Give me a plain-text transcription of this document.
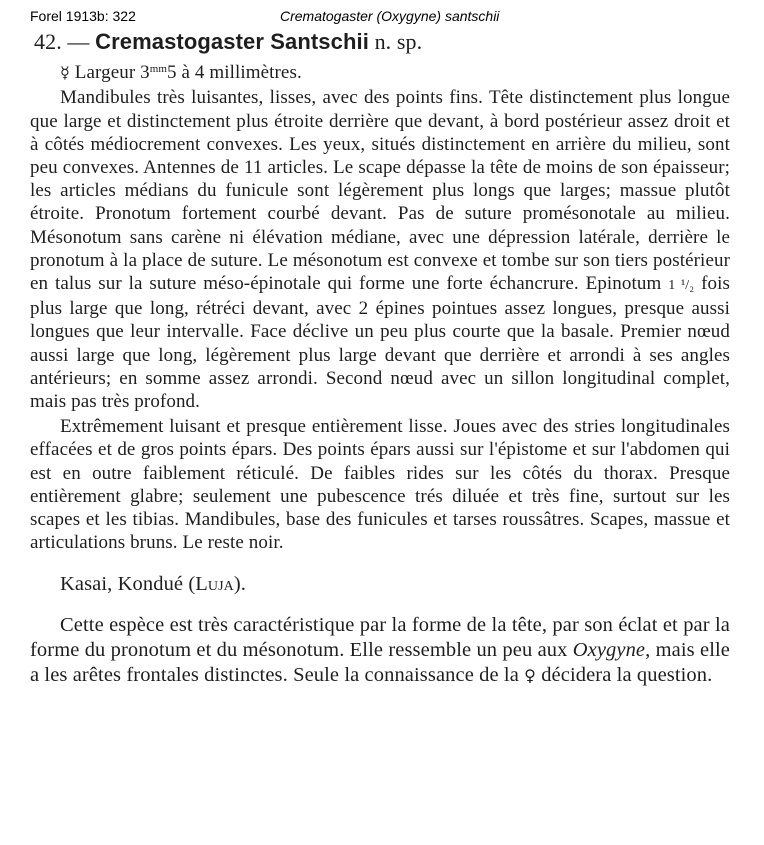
Forel 1913b: 322	Crematogaster (Oxygyne) santschii
42. — Cremastogaster Santschii n. sp.

☿ Largeur $3^{mm}5$ à 4 millimètres.

Mandibules très luisantes, lisses, avec des points fins. Tête distinctement plus longue que large et distinctement plus étroite derrière que devant, à bord postérieur assez droit et à côtés médiocrement convexes. Les yeux, situés distinctement en arrière du milieu, sont peu convexes. Antennes de 11 articles. Le scape dépasse la tête de moins de son épaisseur; les articles médians du funicule sont légèrement plus longs que larges; massue plutôt étroite. Pronotum fortement courbé devant. Pas de suture promésonotale au milieu. Mésonotum sans carène ni élévation médiane, avec une dépression latérale, derrière le pronotum à la place de suture. Le mésonotum est convexe et tombe sur son tiers postérieur en talus sur la suture méso-épinotale qui forme une forte échancrure. Epinotum 1 ¹/₂ fois plus large que long, rétréci devant, avec 2 épines pointues assez longues, presque aussi longues que leur intervalle. Face déclive un peu plus courte que la basale. Premier nœud aussi large que long, légèrement plus large devant que derrière et arrondi à ses angles antérieurs; en somme assez arrondi. Second nœud avec un sillon longitudinal complet, mais pas très profond.

Extrêmement luisant et presque entièrement lisse. Joues avec des stries longitudinales effacées et de gros points épars. Des points épars aussi sur l'épistome et sur l'abdomen qui est en outre faiblement réticulé. De faibles rides sur les côtés du thorax. Presque entièrement glabre; seulement une pubescence trés diluée et très fine, surtout sur les scapes et les tibias. Mandibules, base des funicules et tarses roussâtres. Scapes, massue et articulations bruns. Le reste noir.

Kasai, Kondué (Luja).

Cette espèce est très caractéristique par la forme de la tête, par son éclat et par la forme du pronotum et du mésonotum. Elle ressemble un peu aux Oxygyne, mais elle a les arêtes frontales distinctes. Seule la connaissance de la ♀ décidera la question.
